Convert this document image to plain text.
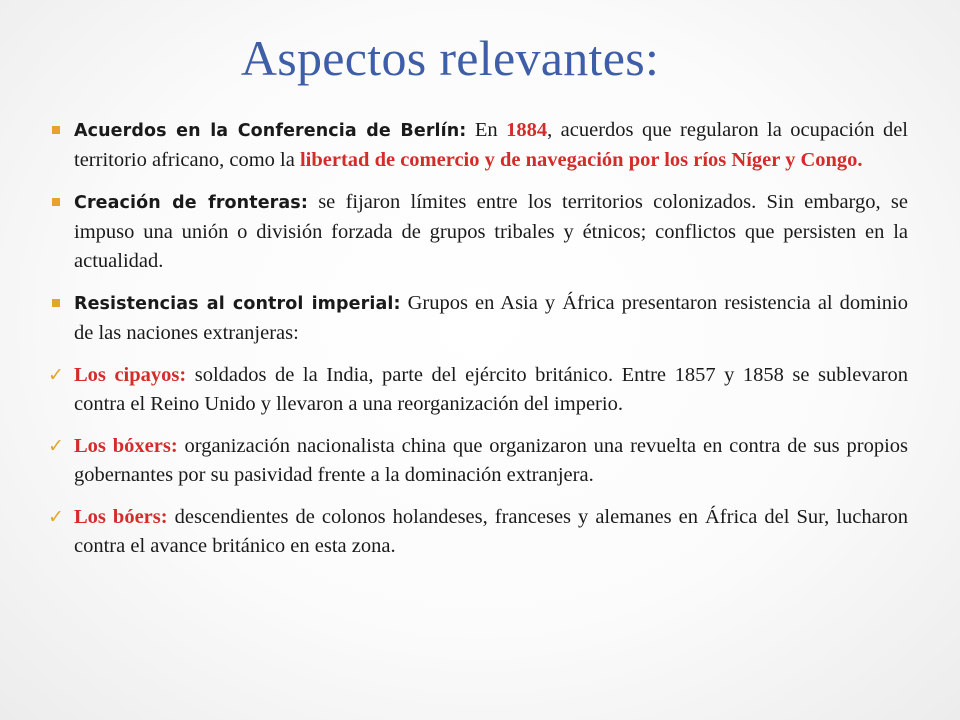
Aspectos relevantes:
Acuerdos en la Conferencia de Berlín: En 1884, acuerdos que regularon la ocupación del territorio africano, como la libertad de comercio y de navegación por los ríos Níger y Congo.
Creación de fronteras: se fijaron límites entre los territorios colonizados. Sin embargo, se impuso una unión o división forzada de grupos tribales y étnicos; conflictos que persisten en la actualidad.
Resistencias al control imperial: Grupos en Asia y África presentaron resistencia al dominio de las naciones extranjeras:
✓ Los cipayos: soldados de la India, parte del ejército británico. Entre 1857 y 1858 se sublevaron contra el Reino Unido y llevaron a una reorganización del imperio.
✓ Los bóxers: organización nacionalista china que organizaron una revuelta en contra de sus propios gobernantes por su pasividad frente a la dominación extranjera.
✓ Los bóers: descendientes de colonos holandeses, franceses y alemanes en África del Sur, lucharon contra el avance británico en esta zona.
